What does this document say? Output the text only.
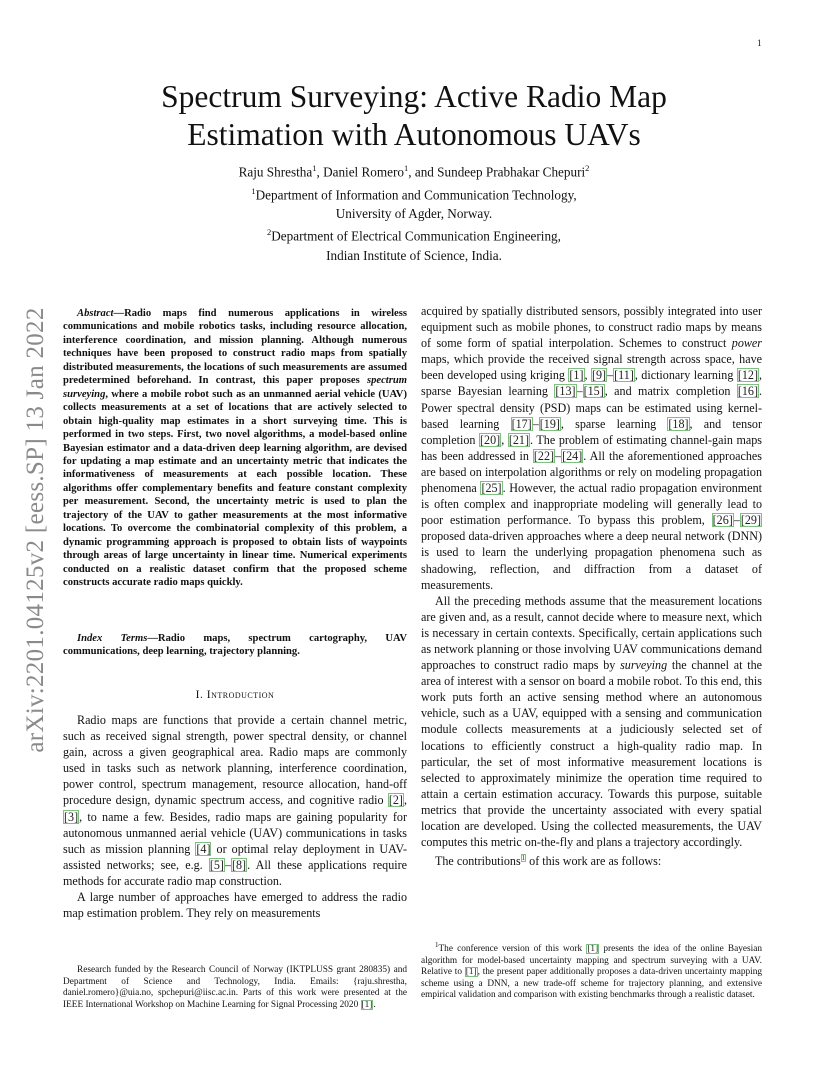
1
arXiv:2201.04125v2 [eess.SP] 13 Jan 2022
Spectrum Surveying: Active Radio Map
Estimation with Autonomous UAVs
Raju Shrestha$^1$, Daniel Romero$^1$, and Sundeep Prabhakar Chepuri$^2$
$^1$Department of Information and Communication Technology,
University of Agder, Norway.
$^2$Department of Electrical Communication Engineering,
Indian Institute of Science, India.
Abstract—Radio maps find numerous applications in wireless communications and mobile robotics tasks, including resource allocation, interference coordination, and mission planning. Although numerous techniques have been proposed to construct radio maps from spatially distributed measurements, the locations of such measurements are assumed predetermined beforehand. In contrast, this paper proposes spectrum surveying, where a mobile robot such as an unmanned aerial vehicle (UAV) collects measurements at a set of locations that are actively selected to obtain high-quality map estimates in a short surveying time. This is performed in two steps. First, two novel algorithms, a model-based online Bayesian estimator and a data-driven deep learning algorithm, are devised for updating a map estimate and an uncertainty metric that indicates the informativeness of measurements at each possible location. These algorithms offer complementary benefits and feature constant complexity per measurement. Second, the uncertainty metric is used to plan the trajectory of the UAV to gather measurements at the most informative locations. To overcome the combinatorial complexity of this problem, a dynamic programming approach is proposed to obtain lists of waypoints through areas of large uncertainty in linear time. Numerical experiments conducted on a realistic dataset confirm that the proposed scheme constructs accurate radio maps quickly.
Index Terms—Radio maps, spectrum cartography, UAV communications, deep learning, trajectory planning.
I. Introduction

Radio maps are functions that provide a certain channel metric, such as received signal strength, power spectral density, or channel gain, across a given geographical area. Radio maps are commonly used in tasks such as network planning, interference coordination, power control, spectrum management, resource allocation, hand-off procedure design, dynamic spectrum access, and cognitive radio [2], [3], to name a few. Besides, radio maps are gaining popularity for autonomous unmanned aerial vehicle (UAV) communications in tasks such as mission planning [4] or optimal relay deployment in UAV-assisted networks; see, e.g. [5]–[8]. All these applications require methods for accurate radio map construction.

A large number of approaches have emerged to address the radio map estimation problem. They rely on measurements

acquired by spatially distributed sensors, possibly integrated into user equipment such as mobile phones, to construct radio maps by means of some form of spatial interpolation. Schemes to construct power maps, which provide the received signal strength across space, have been developed using kriging [1], [9]–[11], dictionary learning [12], sparse Bayesian learning [13]–[15], and matrix completion [16]. Power spectral density (PSD) maps can be estimated using kernel-based learning [17]–[19], sparse learning [18], and tensor completion [20], [21]. The problem of estimating channel-gain maps has been addressed in [22]–[24]. All the aforementioned approaches are based on interpolation algorithms or rely on modeling propagation phenomena [25]. However, the actual radio propagation environment is often complex and inappropriate modeling will generally lead to poor estimation performance. To bypass this problem, [26]–[29] proposed data-driven approaches where a deep neural network (DNN) is used to learn the underlying propagation phenomena such as shadowing, reflection, and diffraction from a dataset of measurements.

All the preceding methods assume that the measurement locations are given and, as a result, cannot decide where to measure next, which is necessary in certain contexts. Specifically, certain applications such as network planning or those involving UAV communications demand approaches to construct radio maps by surveying the channel at the area of interest with a sensor on board a mobile robot. To this end, this work puts forth an active sensing method where an autonomous vehicle, such as a UAV, equipped with a sensing and communication module collects measurements at a judiciously selected set of locations to efficiently construct a high-quality radio map. In particular, the set of most informative measurement locations is selected to approximately minimize the operation time required to attain a certain estimation accuracy. Towards this purpose, suitable metrics that provide the uncertainty associated with every spatial location are developed. Using the collected measurements, the UAV computes this metric on-the-fly and plans a trajectory accordingly.

The contributions$^1$ of this work are as follows:

Research funded by the Research Council of Norway (IKTPLUSS grant 280835) and Department of Science and Technology, India. Emails: {raju.shrestha, daniel.romero}@uia.no, spchepuri@iisc.ac.in. Parts of this work were presented at the IEEE International Workshop on Machine Learning for Signal Processing 2020 [1].
$^1$The conference version of this work [1] presents the idea of the online Bayesian algorithm for model-based uncertainty mapping and spectrum surveying with a UAV. Relative to [1], the present paper additionally proposes a data-driven uncertainty mapping scheme using a DNN, a new trade-off scheme for trajectory planning, and extensive empirical validation and comparison with existing benchmarks through a realistic dataset.
